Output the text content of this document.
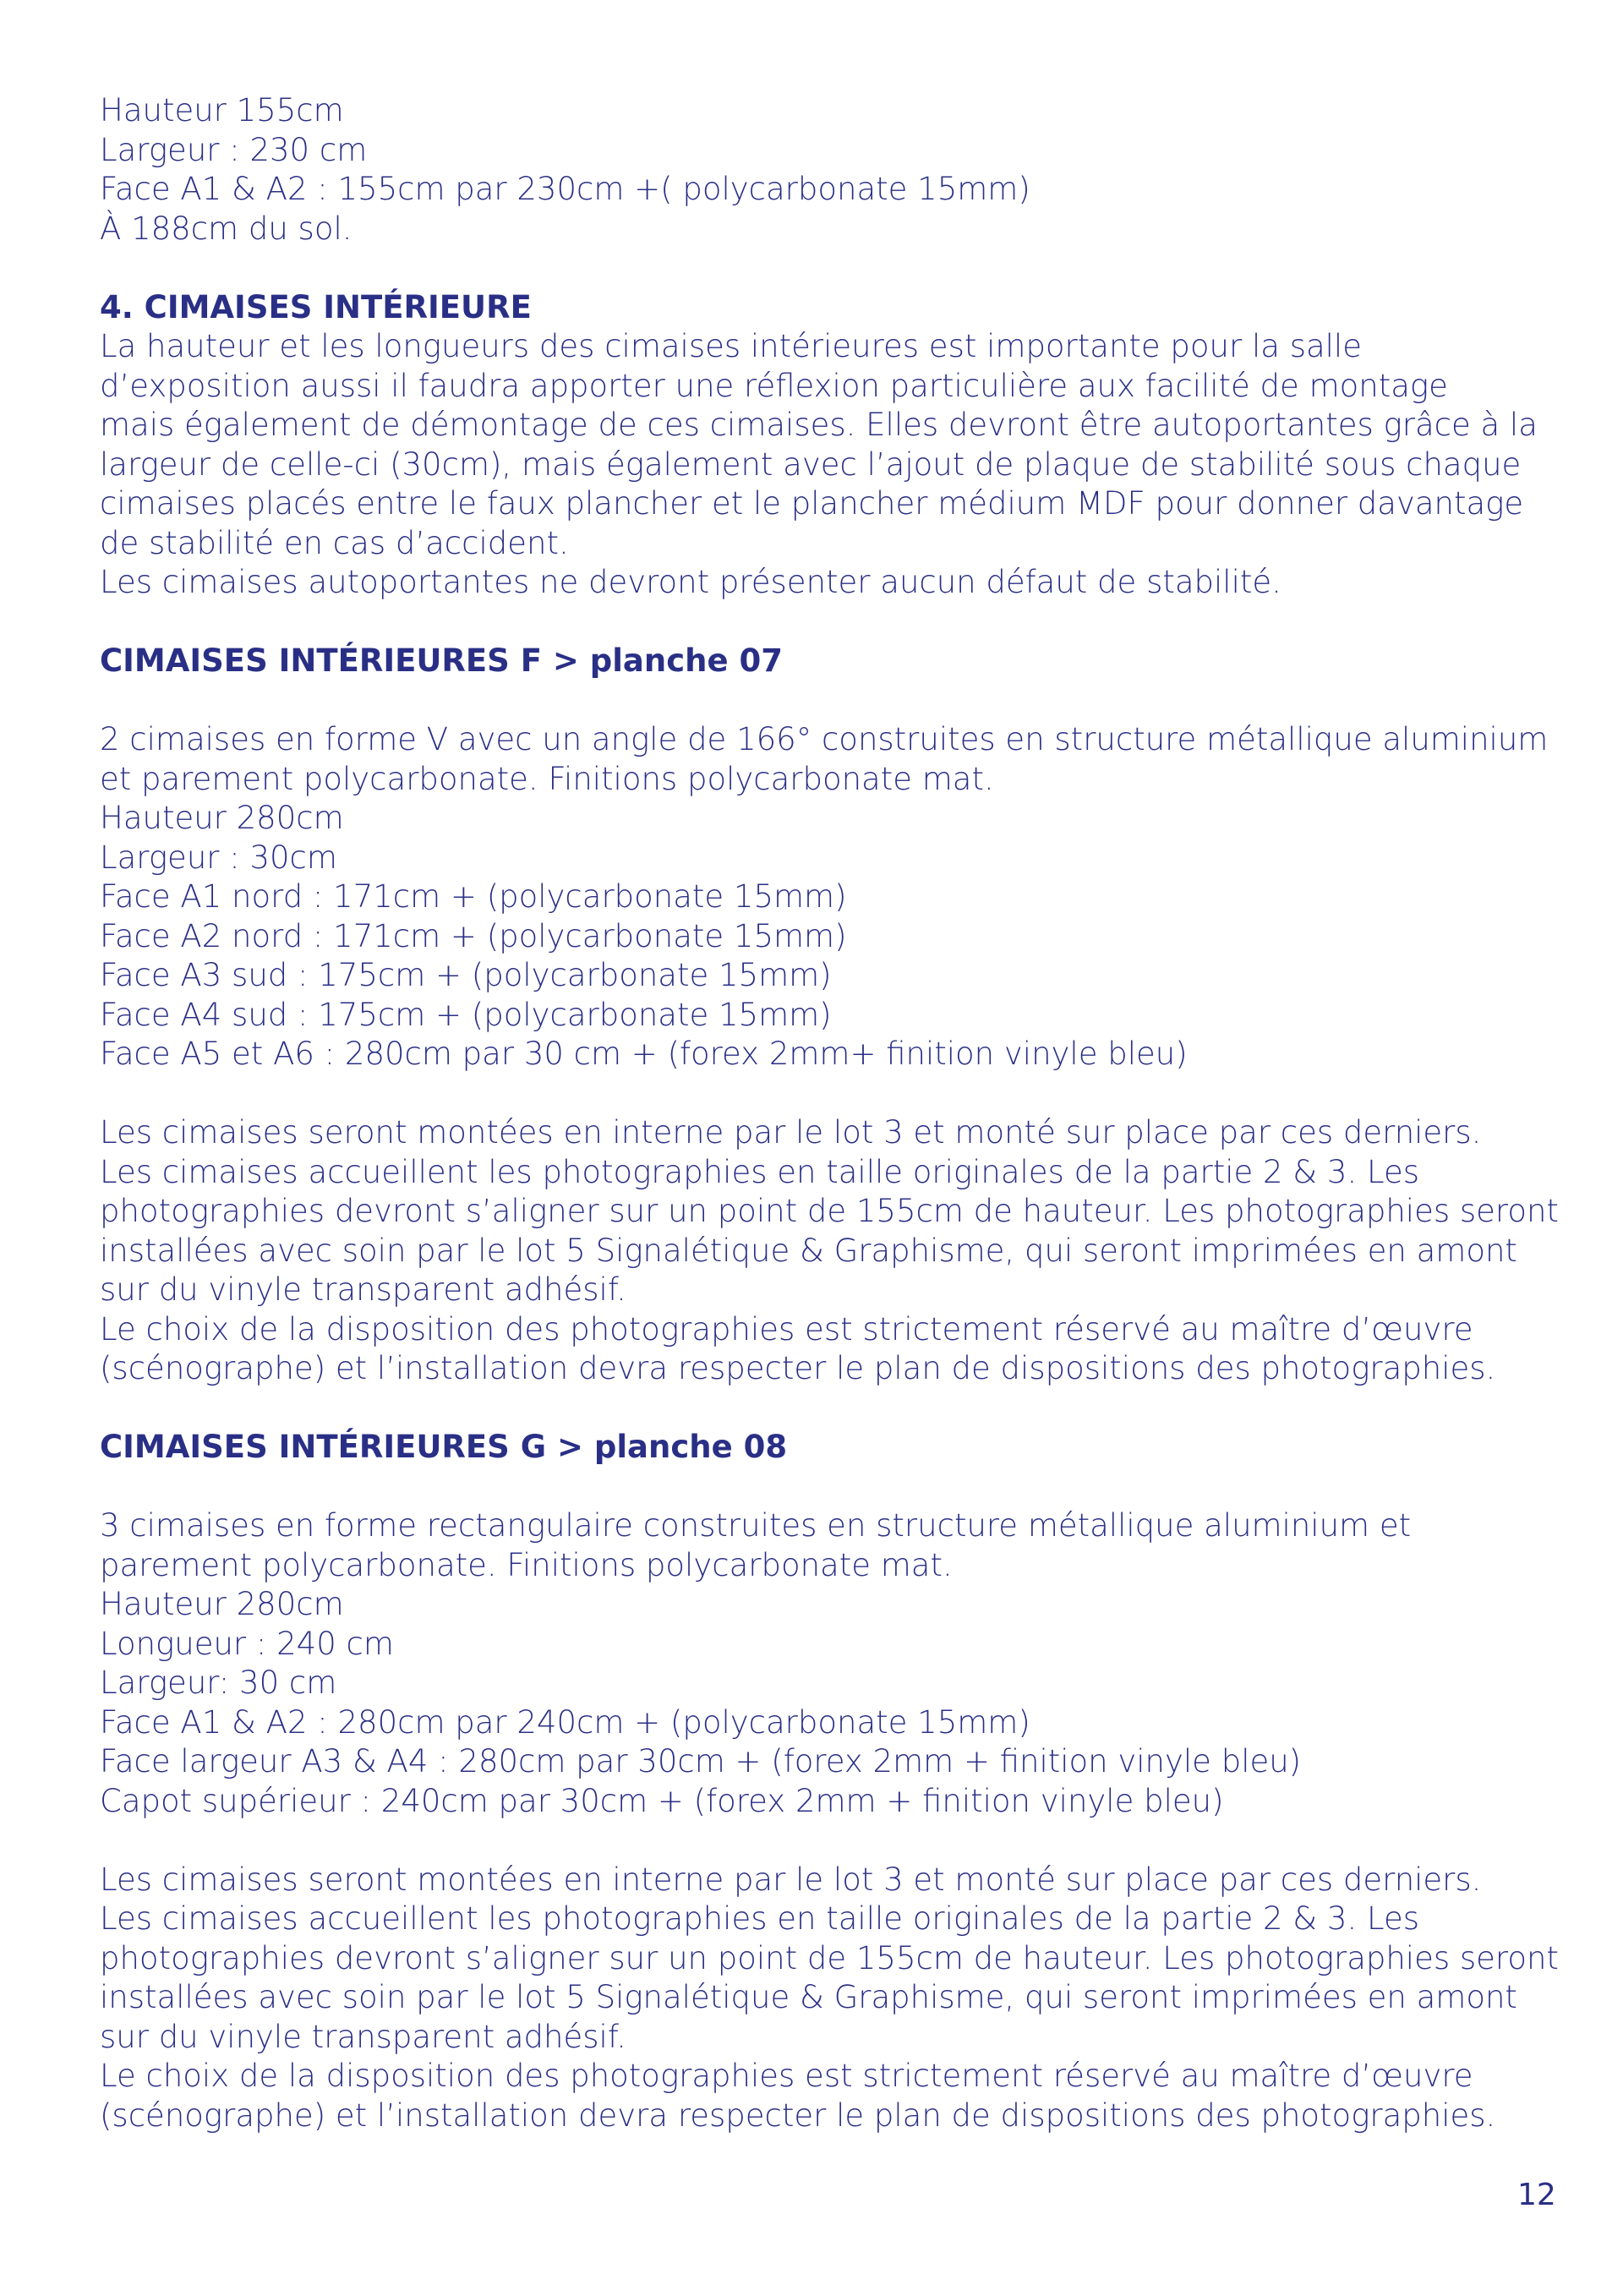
Hauteur 155cm
Largeur : 230 cm
Face A1 & A2 : 155cm par 230cm +( polycarbonate 15mm)
À 188cm du sol.
4. CIMAISES INTÉRIEURE
La hauteur et les longueurs des cimaises intérieures est importante pour la salle
d’exposition aussi il faudra apporter une réflexion particulière aux facilité de montage
mais également de démontage de ces cimaises. Elles devront être autoportantes grâce à la
largeur de celle-ci (30cm), mais également avec l’ajout de plaque de stabilité sous chaque
cimaises placés entre le faux plancher et le plancher médium MDF pour donner davantage
de stabilité en cas d’accident.
Les cimaises autoportantes ne devront présenter aucun défaut de stabilité.
CIMAISES INTÉRIEURES F > planche 07
2 cimaises en forme V avec un angle de 166° construites en structure métallique aluminium
et parement polycarbonate. Finitions polycarbonate mat.
Hauteur 280cm
Largeur : 30cm
Face A1 nord : 171cm + (polycarbonate 15mm)
Face A2 nord : 171cm + (polycarbonate 15mm)
Face A3 sud : 175cm + (polycarbonate 15mm)
Face A4 sud : 175cm + (polycarbonate 15mm)
Face A5 et A6 : 280cm par 30 cm + (forex 2mm+ finition vinyle bleu)
Les cimaises seront montées en interne par le lot 3 et monté sur place par ces derniers.
Les cimaises accueillent les photographies en taille originales de la partie 2 & 3. Les
photographies devront s’aligner sur un point de 155cm de hauteur. Les photographies seront
installées avec soin par le lot 5 Signalétique & Graphisme, qui seront imprimées en amont
sur du vinyle transparent adhésif.
Le choix de la disposition des photographies est strictement réservé au maître d’œuvre
(scénographe) et l’installation devra respecter le plan de dispositions des photographies.
CIMAISES INTÉRIEURES G > planche 08
3 cimaises en forme rectangulaire construites en structure métallique aluminium et
parement polycarbonate. Finitions polycarbonate mat.
Hauteur 280cm
Longueur : 240 cm
Largeur: 30 cm
Face A1 & A2 : 280cm par 240cm + (polycarbonate 15mm)
Face largeur A3 & A4 : 280cm par 30cm + (forex 2mm + finition vinyle bleu)
Capot supérieur : 240cm par 30cm + (forex 2mm + finition vinyle bleu)
Les cimaises seront montées en interne par le lot 3 et monté sur place par ces derniers.
Les cimaises accueillent les photographies en taille originales de la partie 2 & 3. Les
photographies devront s’aligner sur un point de 155cm de hauteur. Les photographies seront
installées avec soin par le lot 5 Signalétique & Graphisme, qui seront imprimées en amont
sur du vinyle transparent adhésif.
Le choix de la disposition des photographies est strictement réservé au maître d’œuvre
(scénographe) et l’installation devra respecter le plan de dispositions des photographies.
12
